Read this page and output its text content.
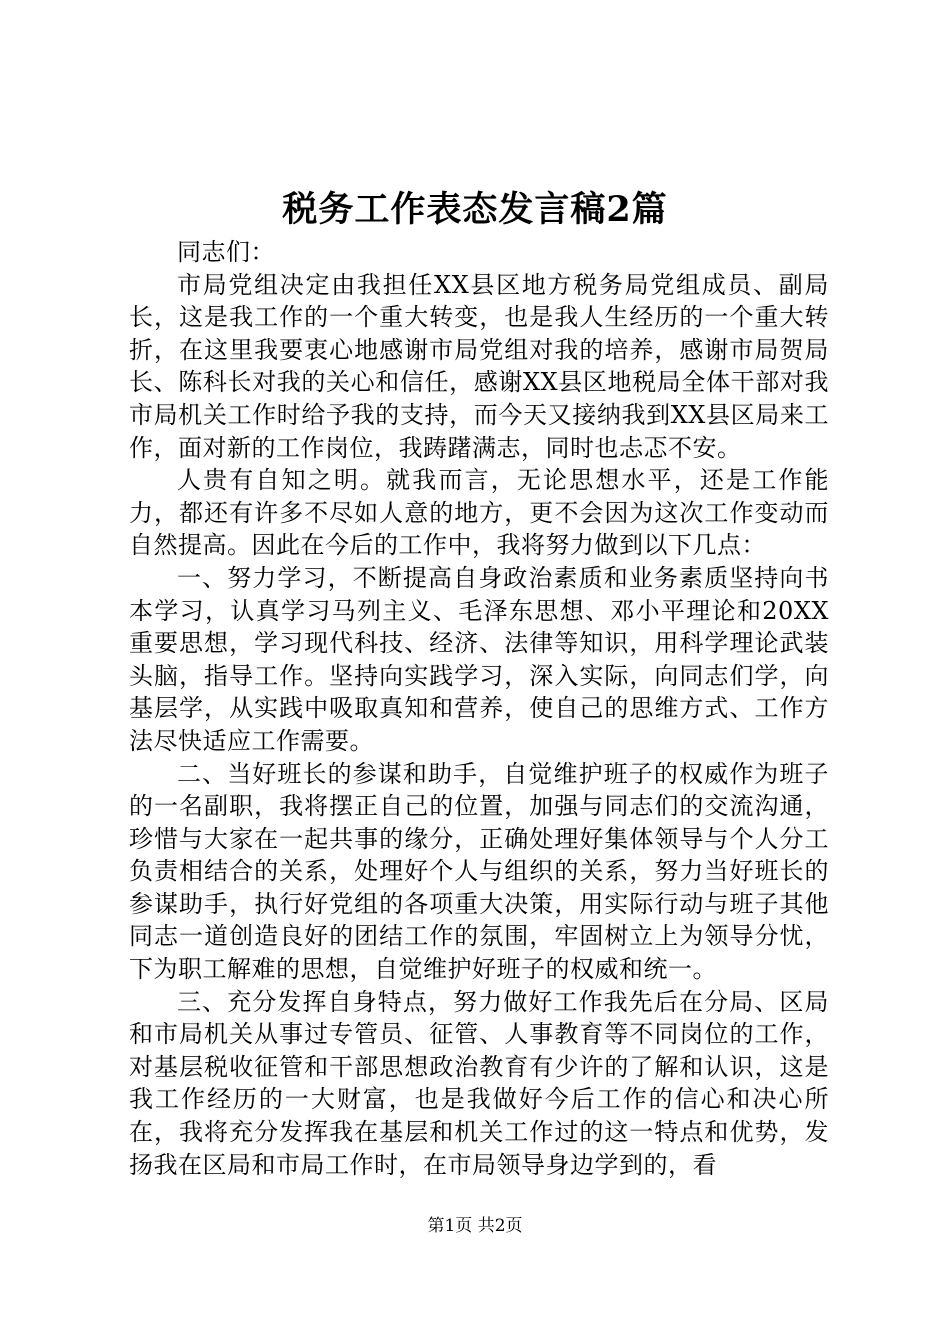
税务工作表态发言稿2篇

同志们：

市局党组决定由我担任XX县区地方税务局党组成员、副局长，这是我工作的一个重大转变，也是我人生经历的一个重大转折，在这里我要衷心地感谢市局党组对我的培养，感谢市局贺局长、陈科长对我的关心和信任，感谢XX县区地税局全体干部对我市局机关工作时给予我的支持，而今天又接纳我到XX县区局来工作，面对新的工作岗位，我踌躇满志，同时也忐忑不安。

人贵有自知之明。就我而言，无论思想水平，还是工作能力，都还有许多不尽如人意的地方，更不会因为这次工作变动而自然提高。因此在今后的工作中，我将努力做到以下几点：

一、努力学习，不断提高自身政治素质和业务素质坚持向书本学习，认真学习马列主义、毛泽东思想、邓小平理论和20XX重要思想，学习现代科技、经济、法律等知识，用科学理论武装头脑，指导工作。坚持向实践学习，深入实际，向同志们学，向基层学，从实践中吸取真知和营养，使自己的思维方式、工作方法尽快适应工作需要。

二、当好班长的参谋和助手，自觉维护班子的权威作为班子的一名副职，我将摆正自己的位置，加强与同志们的交流沟通，珍惜与大家在一起共事的缘分，正确处理好集体领导与个人分工负责相结合的关系，处理好个人与组织的关系，努力当好班长的参谋助手，执行好党组的各项重大决策，用实际行动与班子其他同志一道创造良好的团结工作的氛围，牢固树立上为领导分忧，下为职工解难的思想，自觉维护好班子的权威和统一。

三、充分发挥自身特点，努力做好工作我先后在分局、区局和市局机关从事过专管员、征管、人事教育等不同岗位的工作，对基层税收征管和干部思想政治教育有少许的了解和认识，这是我工作经历的一大财富，也是我做好今后工作的信心和决心所在，我将充分发挥我在基层和机关工作过的这一特点和优势，发扬我在区局和市局工作时，在市局领导身边学到的，看

第1页 共2页
